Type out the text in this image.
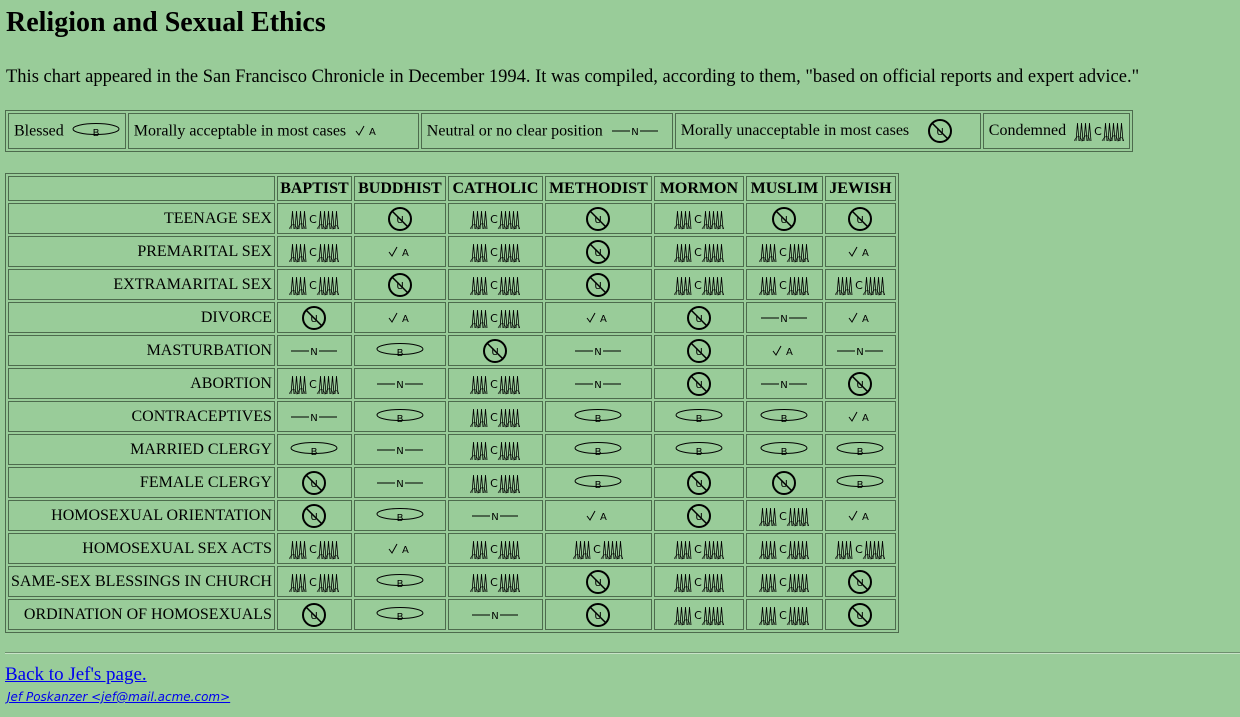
Religion and Sexual Ethics

This chart appeared in the San Francisco Chronicle in December 1994. It was compiled, according to them, "based on official reports and expert advice."

Blessed	B	Morally acceptable in most cases A	Neutral or no clear position	N	Morally unacceptable in most cases	U	Condemned	C
	BAPTIST	BUDDHIST	CATHOLIC	METHODIST	MORMON	MUSLIM	JEWISH
TEENAGE SEX	C	U	C	U	C	U	U

PREMARITAL SEX	C	A	C	U	C	C	A

EXTRAMARITAL SEX	C	U	C	U	C	C	C

DIVORCE	U	A	C	A	U	N	A

MASTURBATION	N	B	U	N	U	A	N

ABORTION	C	N	C	N	U	N	U

CONTRACEPTIVES	N	B	C	B	B	B	A

MARRIED CLERGY	B	N	C	B	B	B	B

FEMALE CLERGY	U	N	C	B	U	U	B

HOMOSEXUAL ORIENTATION	U	B	N	A	U	C	A

HOMOSEXUAL SEX ACTS	C	A	C	C	C	C	C

SAME-SEX BLESSINGS IN CHURCH	C	B	C	U	C	C	U

ORDINATION OF HOMOSEXUALS	U	B	N	U	C	C	U
Back to Jef's page.
Jef Poskanzer <jef@mail.acme.com>
